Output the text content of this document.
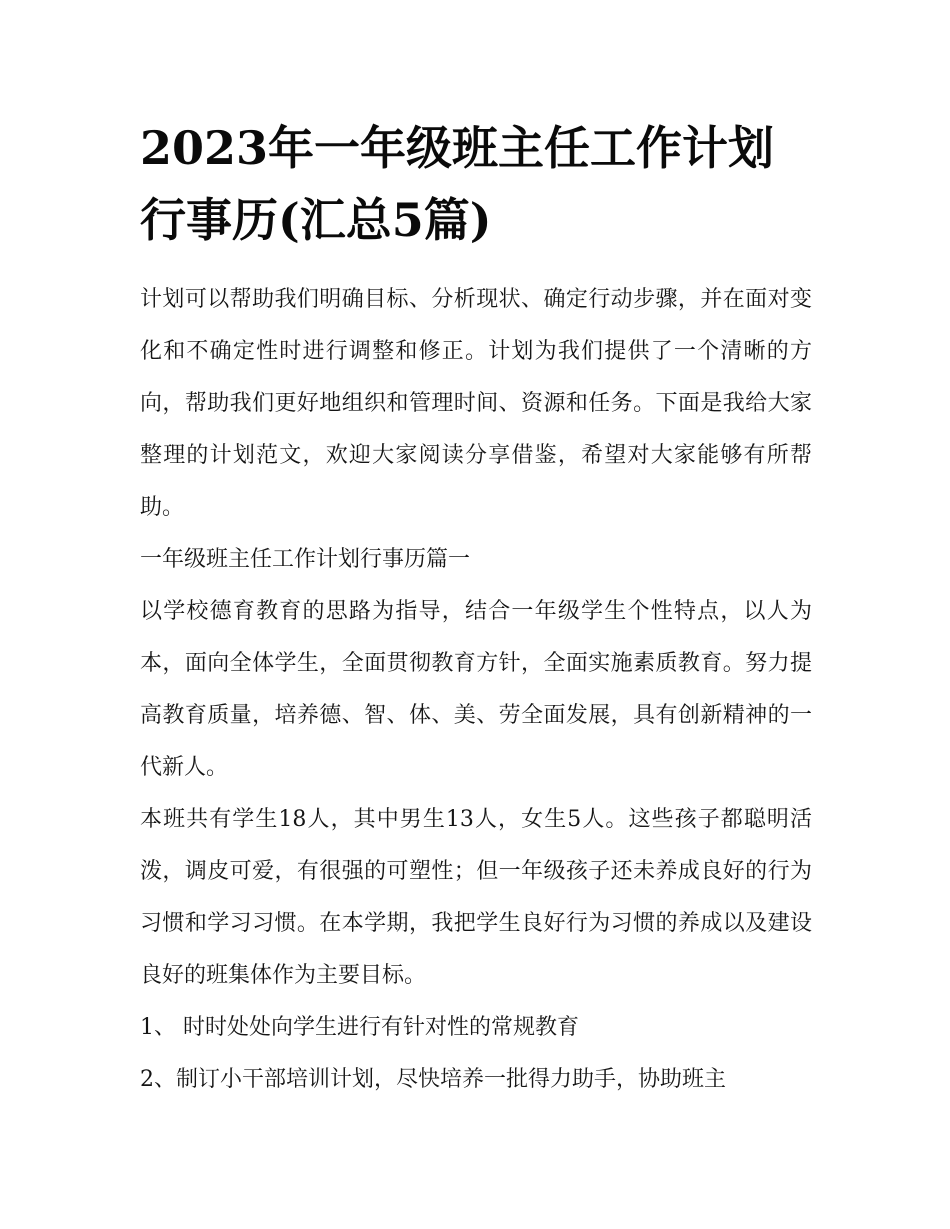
2023年一年级班主任工作计划行事历(汇总5篇)

计划可以帮助我们明确目标、分析现状、确定行动步骤，并在面对变化和不确定性时进行调整和修正。计划为我们提供了一个清晰的方向，帮助我们更好地组织和管理时间、资源和任务。下面是我给大家整理的计划范文，欢迎大家阅读分享借鉴，希望对大家能够有所帮助。

一年级班主任工作计划行事历篇一

以学校德育教育的思路为指导，结合一年级学生个性特点，以人为本，面向全体学生，全面贯彻教育方针，全面实施素质教育。努力提高教育质量，培养德、智、体、美、劳全面发展，具有创新精神的一代新人。

本班共有学生18人，其中男生13人，女生5人。这些孩子都聪明活泼，调皮可爱，有很强的可塑性；但一年级孩子还未养成良好的行为习惯和学习习惯。在本学期，我把学生良好行为习惯的养成以及建设良好的班集体作为主要目标。

1、 时时处处向学生进行有针对性的常规教育

2、制订小干部培训计划，尽快培养一批得力助手，协助班主
